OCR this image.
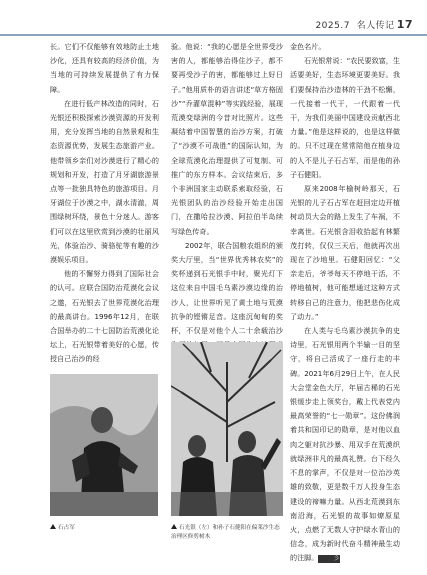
2025.7 名人传记 17

长。它们不仅能够有效地防止土地沙化，还具有较高的经济价值，为当地的可持续发展提供了有力保障。

在进行低产林改造的同时，石光银还积极探索沙漠资源的开发利用，充分发挥当地的自然景观和生态资源优势，发展生态旅游产业。他带领乡亲们对沙漠进行了精心的规划和开发，打造了月牙湖旅游景点等一批独具特色的旅游项目。月牙湖位于沙漠之中，湖水清澈，周围绿树环绕，景色十分迷人。游客们可以在这里欣赏到沙漠的壮丽风光，体验治沙、骑骆驼等有趣的沙漠娱乐项目。

他的不懈努力得到了国际社会的认可。应联合国防治荒漠化会议之邀，石光银去了世界荒漠化治理的最高讲台。1996年12月，在联合国举办的二十七国防治荒漠化论坛上，石光银带着美好的心愿，传授自己治沙的经

验。他说：“我的心愿是全世界受沙害的人，都能够治得住沙子，都不要再受沙子的害，都能够过上好日子。”他用质朴的语言讲述“草方格固沙”“乔灌草混种”等实践经验，展现荒漠变绿洲的今昔对比照片。这些凝结着中国智慧的治沙方案，打破了“沙漠不可战胜”的国际认知，为全球荒漠化治理提供了可复制、可推广的东方样本。会议结束后，多个非洲国家主动联系索取经验，石光银团队的治沙经验开始走出国门，在撒哈拉沙漠、阿拉伯半岛续写绿色传奇。

2002年，联合国粮农组织的颁奖大厅里，当“世界优秀林农奖”的奖杯递到石光银手中时，聚光灯下这位来自中国毛乌素沙漠边缘的治沙人，让世界听见了黄土地与荒漠抗争的铿锵足音。这座沉甸甸的奖杯，不仅是对他个人二十余载治沙

金色名片。

石光银常说：“农民要致富，生活要美好，生态环境更要美好。我们要保持治沙造林的干劲不松懈，一代接着一代干，一代跟着一代干，为我们美丽中国建设贡献西北力量。”他是这样说的，也是这样做的。只不过现在常常陪他在植身边的人不是儿子石占军，而是他的孙子石健阳。

原来2008年榆树岭那天，石光银的儿子石占军在赶回定边开植树动员大会的路上发生了车祸，不幸离世。石光银含泪收拾起有林繁茂打转，仅仅三天后，他就再次出现在了沙地里。石健阳回忆：“父亲走后，爷爷每天不停地干活，不停地植树，他可能想通过这种方式转移自己的注意力，他把悲伤化成了动力。”

在人类与毛乌素沙漠抗争的史诗里，石光银用两个半输一目的坚守，将自己活成了一座行走的丰碑。2021年6月29日上午，在人民大会堂金色大厅，年届古稀的石光银缓步走上领奖台，戴上代表党内最高荣誉的“七一勋章”。这份佛润着共和国印记的勋章，是对他以血肉之躯对抗沙暴、用双手在荒漠织就绿洲非凡的最高礼赞。台下经久不息的掌声，不仅是对一位治沙英雄的致敬，更是数千万人投身生态建设的禘嘛力量。从西北荒漠到东南沿海，石光银的故事如燎原星火，点燃了无数人守护绿水青山的信念，成为新时代奋斗精神最生动的注脚。	彡

石占军	石光银（左）和孙子石健阳在偏莱沙生态治理区修剪树木
